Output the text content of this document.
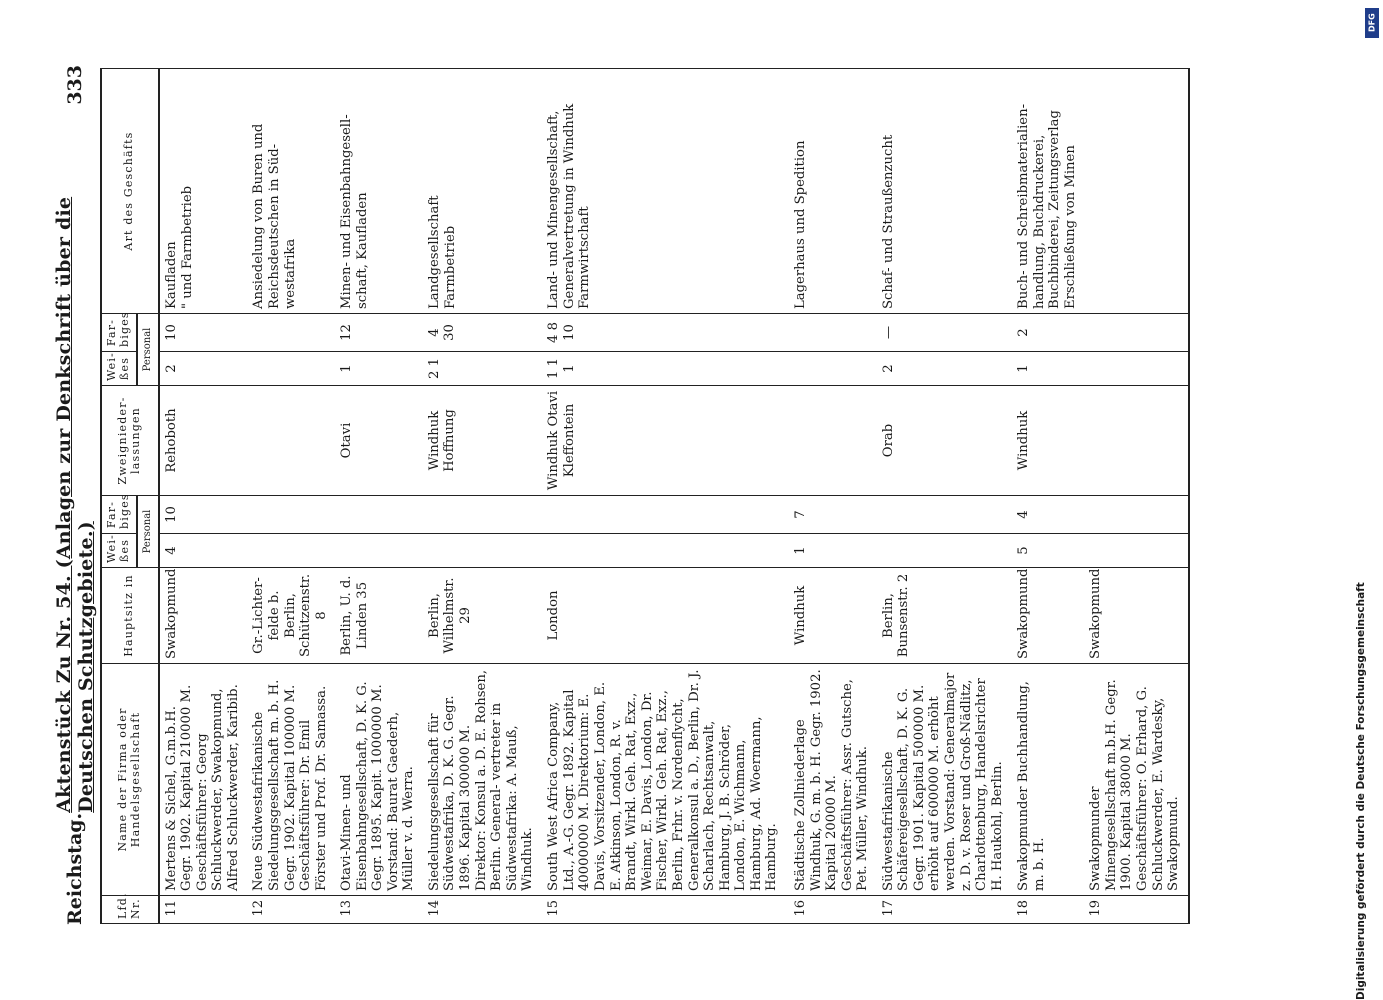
Reichstag.
Aktenstück Zu Nr. 54. (Anlagen zur Denkschrift über die Deutschen Schutzgebiete.)
333
Lfd. Nr.	Name der Firma oder Handelsgesellschaft	Hauptsitz in	Wei- ßes	Far- biges	Zweignieder- lassungen	Wei- ßes	Far- biges	Art des Geschäfts
			Personal			Personal		
11	Mertens & Sichel, G.m.b.H. Gegr. 1902. Kapital 210000 M. Geschäftsführer: Georg Schluckwerder, Swakopmund, Alfred Schluckwerder, Karibib.	Swakopmund	4	10	Rehoboth	2	10	Kaufladen " und Farmbetrieb

12	Neue Südwestafrikanische Siedelungsgesellschaft m. b. H. Gegr. 1902. Kapital 100000 M. Geschäftsführer: Dr. Emil Förster und Prof. Dr. Samassa.	Gr.-Lichter- felde b. Berlin, Schützenstr. 8						Ansiedelung von Buren und Reichsdeutschen in Süd- westafrika

13	Otavi-Minen- und Eisenbahngesellschaft, D. K. G. Gegr. 1895. Kapit. 1000000 M. Vorstand: Baurat Gaederh, Müller v. d. Werra.	Berlin, U. d. Linden 35			Otavi	1	12	Minen- und Eisenbahngesell- schaft, Kaufladen

14	Siedelungsgesellschaft für Südwestafrika, D. K. G. Gegr. 1896. Kapital 300000 M. Direktor: Konsul a. D. E. Rohsen, Berlin. General- vertreter in Südwestafrika: A. Mauß, Windhuk.	Berlin, Wilhelmstr. 29			Windhuk Hoffnung	2 1	4 30	Landgesellschaft Farmbetrieb

15	South West Africa Company, Ltd., A.-G. Gegr. 1892. Kapital 40000000 M. Direktorium: E. Davis, Vorsitzender, London, E. E. Atkinson, London, R. v. Brandt, Wirkl. Geh. Rat, Exz., Weimar, E. Davis, London, Dr. Fischer, Wirkl. Geh. Rat, Exz., Berlin, Frhr. v. Nordenflycht, Generalkonsul a. D., Berlin, Dr. J. Scharlach, Rechtsanwalt, Hamburg, J. B. Schröder, London, E. Wichmann, Hamburg, Ad. Woermann, Hamburg.	London			Windhuk Otavi Kleffontein	1 1 1	4 8 10	Land- und Minengesellschaft, Generalvertretung in Windhuk Farmwirtschaft

16	Städtische Zollniederlage Windhuk, G. m. b. H. Gegr. 1902. Kapital 20000 M. Geschäftsführer: Assr. Gutsche, Pet. Müller, Windhuk.	Windhuk	1	7				Lagerhaus und Spedition

17	Südwestafrikanische Schäfereigesellschaft, D. K. G. Gegr. 1901. Kapital 500000 M. erhöht auf 600000 M. erhöht werden. Vorstand: Generalmajor z. D. v. Roser und Groß-Nädlitz, Charlottenburg, Handelsrichter H. Haukohl, Berlin.	Berlin, Bunsenstr. 2			Orab	2	—	Schaf- und Straußenzucht

18	Swakopmunder Buchhandlung, m. b. H.	Swakopmund	5	4	Windhuk	1	2	Buch- und Schreibmaterialien- handlung, Buchdruckerei, Buchbinderei, Zeitungsverlag Erschließung von Minen

19	Swakopmunder Minengesellschaft m.b.H. Gegr. 1900. Kapital 38000 M. Geschäftsführer: O. Erhard, G. Schluckwerder, E. Wardesky, Swakopmund.	Swakopmund						
DFG
Digitalisierung gefördert durch die Deutsche Forschungsgemeinschaft
